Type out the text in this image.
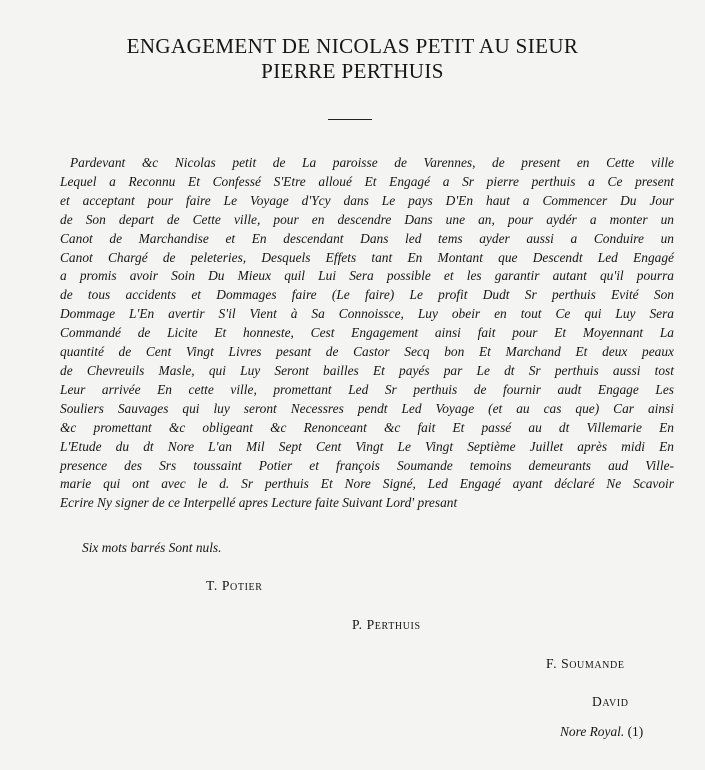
ENGAGEMENT DE NICOLAS PETIT AU SIEUR
PIERRE PERTHUIS

Pardevant &c Nicolas petit de La paroisse de Varennes, de present en Cette ville
Lequel a Reconnu Et Confessé S'Etre alloué Et Engagé a Sr pierre perthuis a Ce present
et acceptant pour faire Le Voyage d'Ycy dans Le pays D'En haut a Commencer Du Jour
de Son depart de Cette ville, pour en descendre Dans une an, pour aydér a monter un
Canot de Marchandise et En descendant Dans led tems ayder aussi a Conduire un
Canot Chargé de peleteries, Desquels Effets tant En Montant que Descendt Led Engagé
a promis avoir Soin Du Mieux quil Lui Sera possible et les garantir autant qu'il pourra
de tous accidents et Dommages faire (Le faire) Le profit Dudt Sr perthuis Evité Son
Dommage L'En avertir S'il Vient à Sa Connoissce, Luy obeir en tout Ce qui Luy Sera
Commandé de Licite Et honneste, Cest Engagement ainsi fait pour Et Moyennant La
quantité de Cent Vingt Livres pesant de Castor Secq bon Et Marchand Et deux peaux
de Chevreuils Masle, qui Luy Seront bailles Et payés par Le dt Sr perthuis aussi tost
Leur arrivée En cette ville, promettant Led Sr perthuis de fournir audt Engage Les
Souliers Sauvages qui luy seront Necessres pendt Led Voyage (et au cas que) Car ainsi
&c promettant &c obligeant &c Renonceant &c fait Et passé au dt Villemarie En
L'Etude du dt Nore L'an Mil Sept Cent Vingt Le Vingt Septième Juillet après midi En
presence des Srs toussaint Potier et françois Soumande temoins demeurants aud Ville-
marie qui ont avec le d. Sr perthuis Et Nore Signé, Led Engagé ayant déclaré Ne Scavoir
Ecrire Ny signer de ce Interpellé apres Lecture faite Suivant Lord' presant

Six mots barrés Sont nuls.

T. Potier

P. Perthuis

F. Soumande

David

Nore Royal. (1)
